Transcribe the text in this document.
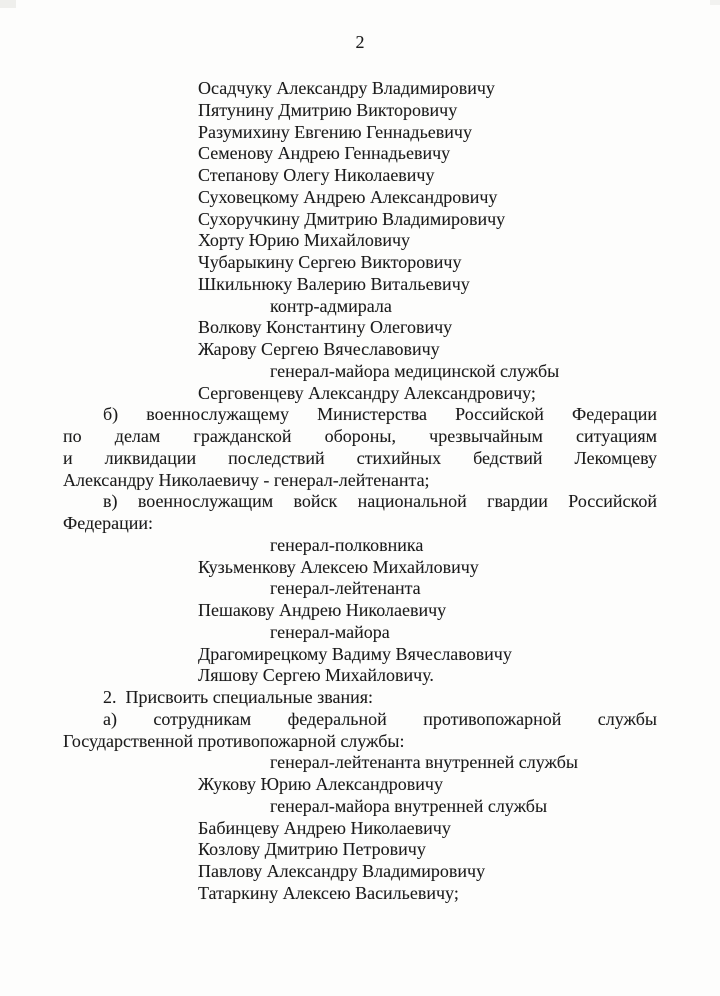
2
Осадчуку Александру Владимировичу
Пятунину Дмитрию Викторовичу
Разумихину Евгению Геннадьевичу
Семенову Андрею Геннадьевичу
Степанову Олегу Николаевичу
Суховецкому Андрею Александровичу
Сухоручкину Дмитрию Владимировичу
Хорту Юрию Михайловичу
Чубарыкину Сергею Викторовичу
Шкильнюку Валерию Витальевичу
контр-адмирала
Волкову Константину Олеговичу
Жарову Сергею Вячеславовичу
генерал-майора медицинской службы
Серговенцеву Александру Александровичу;
б) военнослужащему Министерства Российской Федерации
по делам гражданской обороны, чрезвычайным ситуациям
и ликвидации последствий стихийных бедствий Лекомцеву
Александру Николаевичу - генерал-лейтенанта;
в) военнослужащим войск национальной гвардии Российской
Федерации:
генерал-полковника
Кузьменкову Алексею Михайловичу
генерал-лейтенанта
Пешакову Андрею Николаевичу
генерал-майора
Драгомирецкому Вадиму Вячеславовичу
Ляшову Сергею Михайловичу.
2.  Присвоить специальные звания:
а) сотрудникам федеральной противопожарной службы
Государственной противопожарной службы:
генерал-лейтенанта внутренней службы
Жукову Юрию Александровичу
генерал-майора внутренней службы
Бабинцеву Андрею Николаевичу
Козлову Дмитрию Петровичу
Павлову Александру Владимировичу
Татаркину Алексею Васильевичу;
